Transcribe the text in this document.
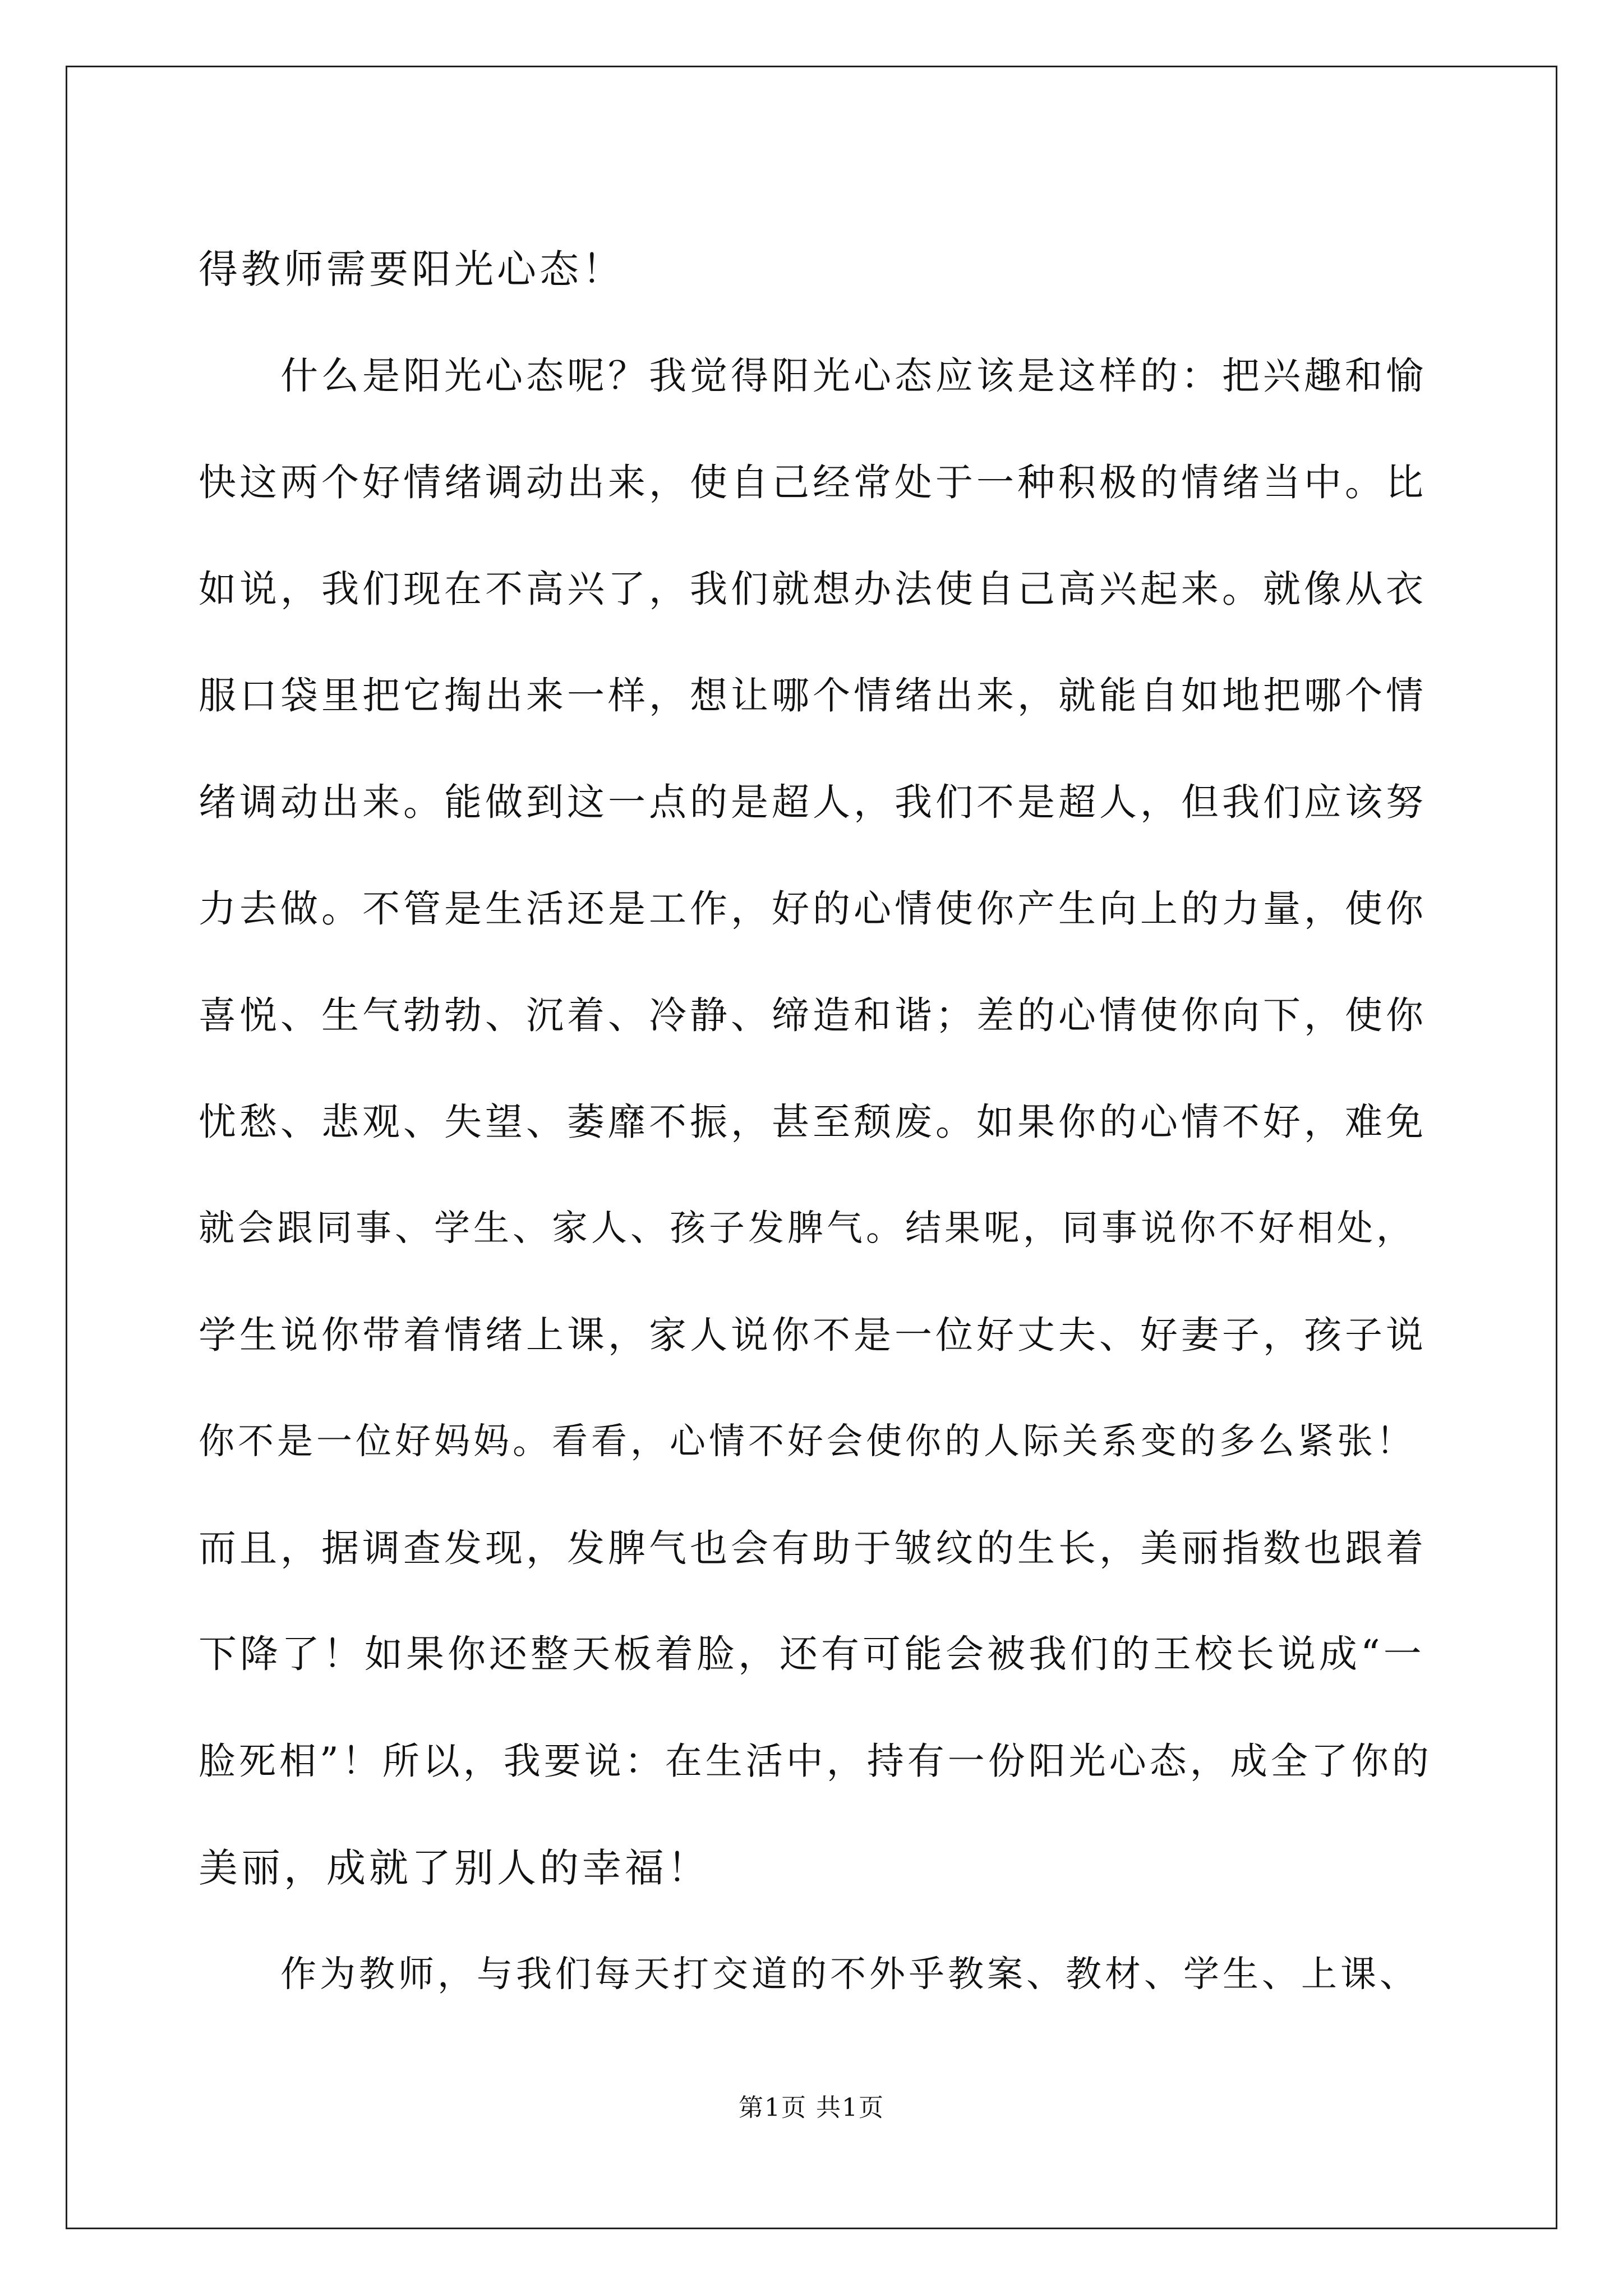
得教师需要阳光心态！
什么是阳光心态呢？我觉得阳光心态应该是这样的：把兴趣和愉
快这两个好情绪调动出来，使自己经常处于一种积极的情绪当中。比
如说，我们现在不高兴了，我们就想办法使自己高兴起来。就像从衣
服口袋里把它掏出来一样，想让哪个情绪出来，就能自如地把哪个情
绪调动出来。能做到这一点的是超人，我们不是超人，但我们应该努
力去做。不管是生活还是工作，好的心情使你产生向上的力量，使你
喜悦、生气勃勃、沉着、冷静、缔造和谐；差的心情使你向下，使你
忧愁、悲观、失望、萎靡不振，甚至颓废。如果你的心情不好，难免
就会跟同事、学生、家人、孩子发脾气。结果呢，同事说你不好相处，
学生说你带着情绪上课，家人说你不是一位好丈夫、好妻子，孩子说
你不是一位好妈妈。看看，心情不好会使你的人际关系变的多么紧张！
而且，据调查发现，发脾气也会有助于皱纹的生长，美丽指数也跟着
下降了！如果你还整天板着脸，还有可能会被我们的王校长说成“一
脸死相”！所以，我要说：在生活中，持有一份阳光心态，成全了你的
美丽，成就了别人的幸福！
作为教师，与我们每天打交道的不外乎教案、教材、学生、上课、
第1页 共1页
